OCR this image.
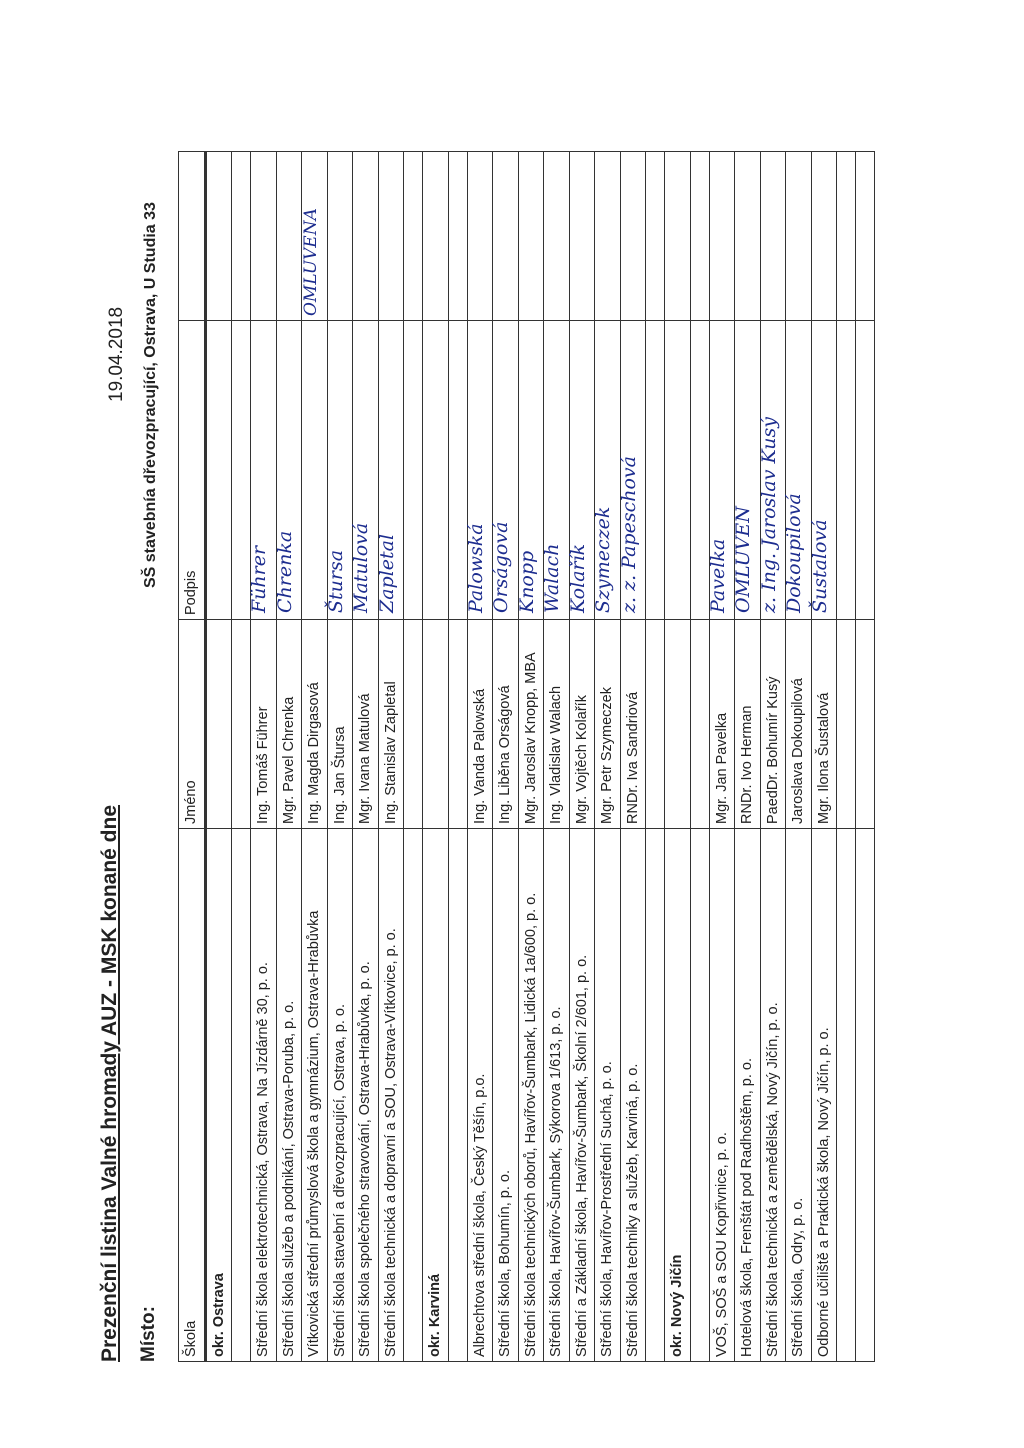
Prezenční listina Valné hromady AUZ - MSK konané dne
19.04.2018
Místo:
SŠ stavebnía dřevozpracující, Ostrava, U Studia 33
Škola	Jméno	Podpis	
okr. Ostrava			

Střední škola elektrotechnická, Ostrava, Na Jízdárně 30, p. o.	Ing. Tomáš Führer	Führer	

Střední škola služeb a podnikání, Ostrava-Poruba, p. o.	Mgr. Pavel Chrenka	Chrenka	

Vítkovická střední průmyslová škola a gymnázium, Ostrava-Hrabůvka	Ing. Magda Dirgasová		OMLUVENA

Střední škola stavební a dřevozpracující, Ostrava, p. o.	Ing. Jan Štursa	Štursa	

Střední škola společného stravování, Ostrava-Hrabůvka, p. o.	Mgr. Ivana Matulová	Matulová	

Střední škola technická a dopravní a SOU, Ostrava-Vítkovice, p. o.	Ing. Stanislav Zapletal	Zapletal	

okr. Karviná			

Albrechtova střední škola, Český Těšín, p.o.	Ing. Vanda Palowská	Palowská	

Střední škola, Bohumín, p. o.	Ing. Liběna Orságová	Orságová	

Střední škola technických oborů, Havířov-Šumbark, Lidická 1a/600, p. o.	Mgr. Jaroslav Knopp, MBA	Knopp	

Střední škola, Havířov-Šumbark, Sýkorova 1/613, p. o.	Ing. Vladislav Walach	Walach	

Střední a Základní škola, Havířov-Šumbark, Školní 2/601, p. o.	Mgr. Vojtěch Kolařík	Kolařík	

Střední škola, Havířov-Prostřední Suchá, p. o.	Mgr. Petr Szymeczek	Szymeczek	

Střední škola techniky a služeb, Karviná, p. o.	RNDr. Iva Sandriová	z. z. Papeschová	

okr. Nový Jičín			

VOŠ, SOŠ a SOU Kopřivnice, p. o.	Mgr. Jan Pavelka	Pavelka	

Hotelová škola, Frenštát pod Radhoštěm, p. o.	RNDr. Ivo Herman	OMLUVEN	

Střední škola technická a zemědělská, Nový Jičín, p. o.	PaedDr. Bohumír Kusý	z. Ing. Jaroslav Kusý	

Střední škola, Odry, p. o.	Jaroslava Dokoupilová	Dokoupilová	

Odborné učiliště a Praktická škola, Nový Jičín, p. o.	Mgr. Ilona Šustalová	Šustalová	
